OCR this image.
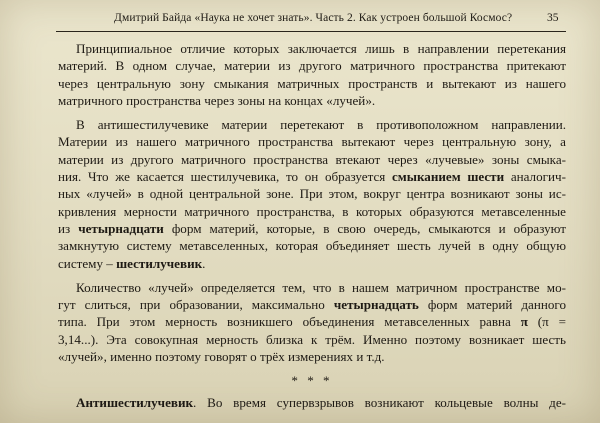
Дмитрий Байда «Наука не хочет знать». Часть 2. Как устроен большой Космос?	35
Принципиальное отличие которых заключается лишь в направлении перетекания
материй. В одном случае, материи из другого матричного пространства притекают
через центральную зону смыкания матричных пространств и вытекают из нашего
матричного пространства через зоны на концах «лучей».
В антишестилучевике материи перетекают в противоположном направлении.
Материи из нашего матричного пространства вытекают через центральную зону, а
материи из другого матричного пространства втекают через «лучевые» зоны смыка-
ния. Что же касается шестилучевика, то он образуется смыканием шести аналогич-
ных «лучей» в одной центральной зоне. При этом, вокруг центра возникают зоны ис-
кривления мерности матричного пространства, в которых образуются метавселенные
из четырнадцати форм материй, которые, в свою очередь, смыкаются и образуют
замкнутую систему метавселенных, которая объединяет шесть лучей в одну общую
систему – шестилучевик.
Количество «лучей» определяется тем, что в нашем матричном пространстве мо-
гут слиться, при образовании, максимально четырнадцать форм материй данного
типа. При этом мерность возникшего объединения метавселенных равна π (π =
3,14...). Эта совокупная мерность близка к трём. Именно поэтому возникает шесть
«лучей», именно поэтому говорят о трёх измерениях и т.д.
* * *
Антишестилучевик. Во время супервзрывов возникают кольцевые волны де-
